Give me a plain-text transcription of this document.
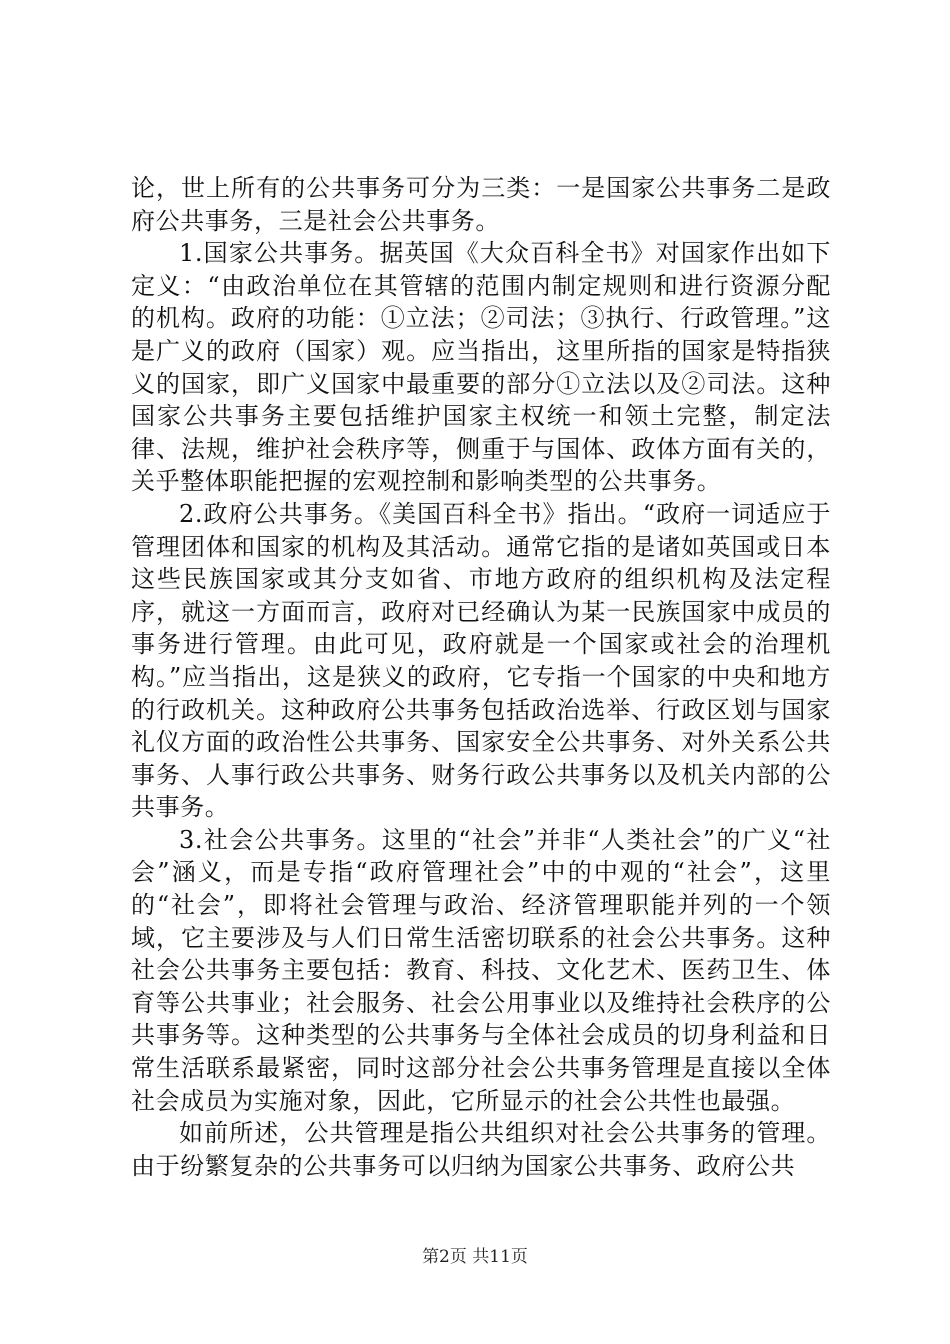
论，世上所有的公共事务可分为三类：一是国家公共事务二是政府公共事务，三是社会公共事务。

1.国家公共事务。据英国《大众百科全书》对国家作出如下定义：“由政治单位在其管辖的范围内制定规则和进行资源分配的机构。政府的功能：①立法；②司法；③执行、行政管理。”这是广义的政府（国家）观。应当指出，这里所指的国家是特指狭义的国家，即广义国家中最重要的部分①立法以及②司法。这种国家公共事务主要包括维护国家主权统一和领土完整，制定法律、法规，维护社会秩序等，侧重于与国体、政体方面有关的，关乎整体职能把握的宏观控制和影响类型的公共事务。

2.政府公共事务。《美国百科全书》指出。“政府一词适应于管理团体和国家的机构及其活动。通常它指的是诸如英国或日本这些民族国家或其分支如省、市地方政府的组织机构及法定程序，就这一方面而言，政府对已经确认为某一民族国家中成员的事务进行管理。由此可见，政府就是一个国家或社会的治理机构。”应当指出，这是狭义的政府，它专指一个国家的中央和地方的行政机关。这种政府公共事务包括政治选举、行政区划与国家礼仪方面的政治性公共事务、国家安全公共事务、对外关系公共事务、人事行政公共事务、财务行政公共事务以及机关内部的公共事务。

3.社会公共事务。这里的“社会”并非“人类社会”的广义“社会”涵义，而是专指“政府管理社会”中的中观的“社会”，这里的“社会”，即将社会管理与政治、经济管理职能并列的一个领域，它主要涉及与人们日常生活密切联系的社会公共事务。这种社会公共事务主要包括：教育、科技、文化艺术、医药卫生、体育等公共事业；社会服务、社会公用事业以及维持社会秩序的公共事务等。这种类型的公共事务与全体社会成员的切身利益和日常生活联系最紧密，同时这部分社会公共事务管理是直接以全体社会成员为实施对象，因此，它所显示的社会公共性也最强。

如前所述，公共管理是指公共组织对社会公共事务的管理。由于纷繁复杂的公共事务可以归纳为国家公共事务、政府公共

第2页 共11页
